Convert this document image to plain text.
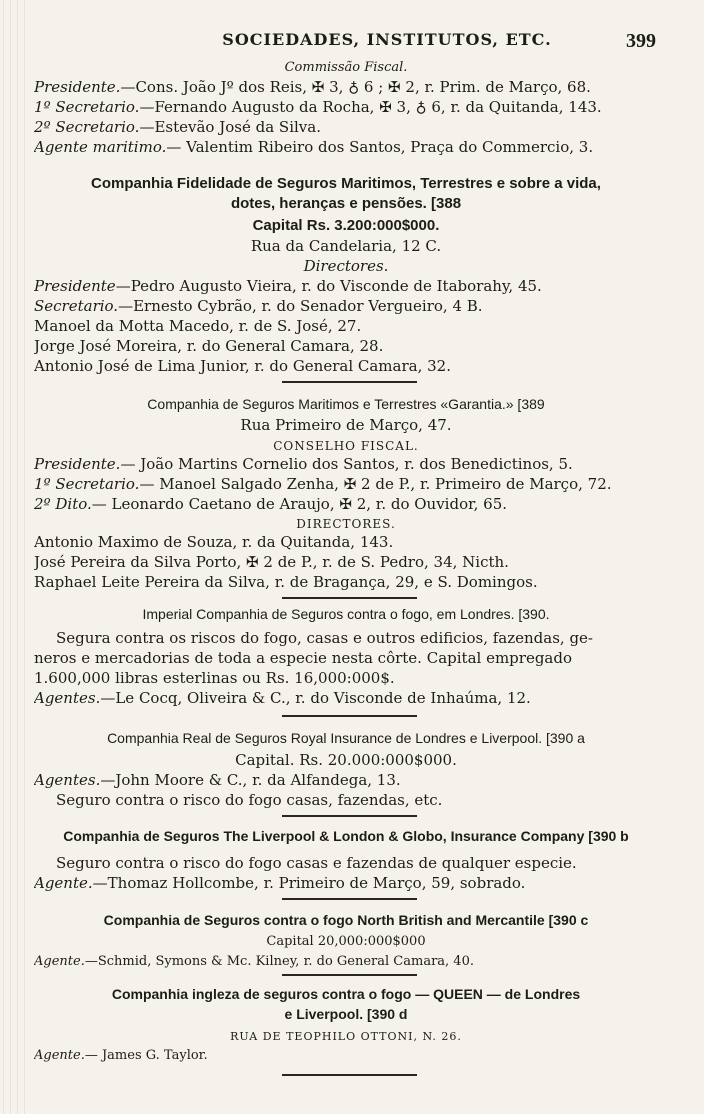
SOCIEDADES, INSTITUTOS, ETC.	399
Commissão Fiscal.
Presidente.—Cons. João Jº dos Reis, ✠ 3, ♁ 6 ; ✠ 2, r. Prim. de Março, 68.
1º Secretario.—Fernando Augusto da Rocha, ✠ 3, ♁ 6, r. da Quitanda, 143.
2º Secretario.—Estevão José da Silva.
Agente maritimo.— Valentim Ribeiro dos Santos, Praça do Commercio, 3.
Companhia Fidelidade de Seguros Maritimos, Terrestres e sobre a vida,
dotes, heranças e pensões. [388
Capital Rs. 3.200:000$000.
Rua da Candelaria, 12 C.
Directores.
Presidente—Pedro Augusto Vieira, r. do Visconde de Itaborahy, 45.
Secretario.—Ernesto Cybrão, r. do Senador Vergueiro, 4 B.
Manoel da Motta Macedo, r. de S. José, 27.
Jorge José Moreira, r. do General Camara, 28.
Antonio José de Lima Junior, r. do General Camara, 32.
Companhia de Seguros Maritimos e Terrestres «Garantia.» [389
Rua Primeiro de Março, 47.
CONSELHO FISCAL.
Presidente.— João Martins Cornelio dos Santos, r. dos Benedictinos, 5.
1º Secretario.— Manoel Salgado Zenha, ✠ 2 de P., r. Primeiro de Março, 72.
2º Dito.— Leonardo Caetano de Araujo, ✠ 2, r. do Ouvidor, 65.
DIRECTORES.
Antonio Maximo de Souza, r. da Quitanda, 143.
José Pereira da Silva Porto, ✠ 2 de P., r. de S. Pedro, 34, Nicth.
Raphael Leite Pereira da Silva, r. de Bragança, 29, e S. Domingos.
Imperial Companhia de Seguros contra o fogo, em Londres. [390.
Segura contra os riscos do fogo, casas e outros edificios, fazendas, ge-
neros e mercadorias de toda a especie nesta côrte. Capital empregado
1.600,000 libras esterlinas ou Rs. 16,000:000$.
Agentes.—Le Cocq, Oliveira & C., r. do Visconde de Inhaúma, 12.
Companhia Real de Seguros Royal Insurance de Londres e Liverpool. [390 a
Capital. Rs. 20.000:000$000.
Agentes.—John Moore & C., r. da Alfandega, 13.
Seguro contra o risco do fogo casas, fazendas, etc.
Companhia de Seguros The Liverpool & London & Globo, Insurance Company [390 b
Seguro contra o risco do fogo casas e fazendas de qualquer especie.
Agente.—Thomaz Hollcombe, r. Primeiro de Março, 59, sobrado.
Companhia de Seguros contra o fogo North British and Mercantile [390 c
Capital 20,000:000$000
Agente.—Schmid, Symons & Mc. Kilney, r. do General Camara, 40.
Companhia ingleza de seguros contra o fogo — QUEEN — de Londres
e Liverpool. [390 d
RUA DE TEOPHILO OTTONI, N. 26.
Agente.— James G. Taylor.
